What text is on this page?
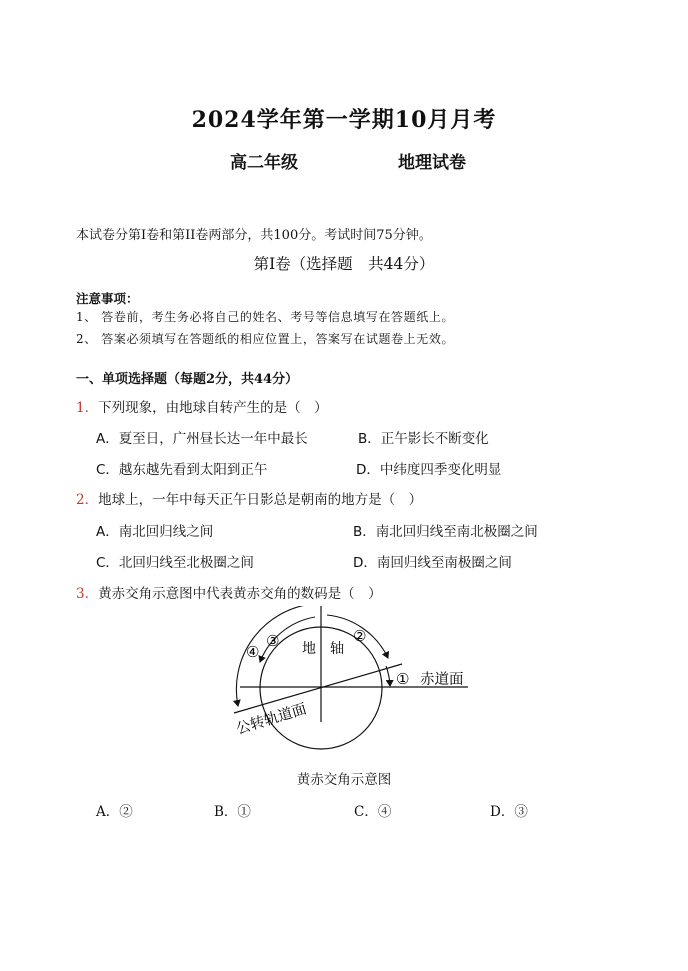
2024学年第一学期10月月考
高二年级	地理试卷
本试卷分第I卷和第II卷两部分，共100分。考试时间75分钟。
第I卷（选择题　共44分）
注意事项：
1、 答卷前，考生务必将自己的姓名、考号等信息填写在答题纸上。
2、 答案必须填写在答题纸的相应位置上，答案写在试题卷上无效。
一、单项选择题（每题2分，共44分）
1．下列现象，由地球自转产生的是（　）
A．夏至日，广州昼长达一年中最长	B．正午影长不断变化
C．越东越先看到太阳到正午	D．中纬度四季变化明显
2．地球上，一年中每天正午日影总是朝南的地方是（　）
A．南北回归线之间	B．南北回归线至南北极圈之间
C．北回归线至北极圈之间	D．南回归线至南极圈之间
3．黄赤交角示意图中代表黄赤交角的数码是（　）
①
②
③
④	地　轴
赤道面
公转轨道面
黄赤交角示意图
A．②	B．①	C．④	D．③
